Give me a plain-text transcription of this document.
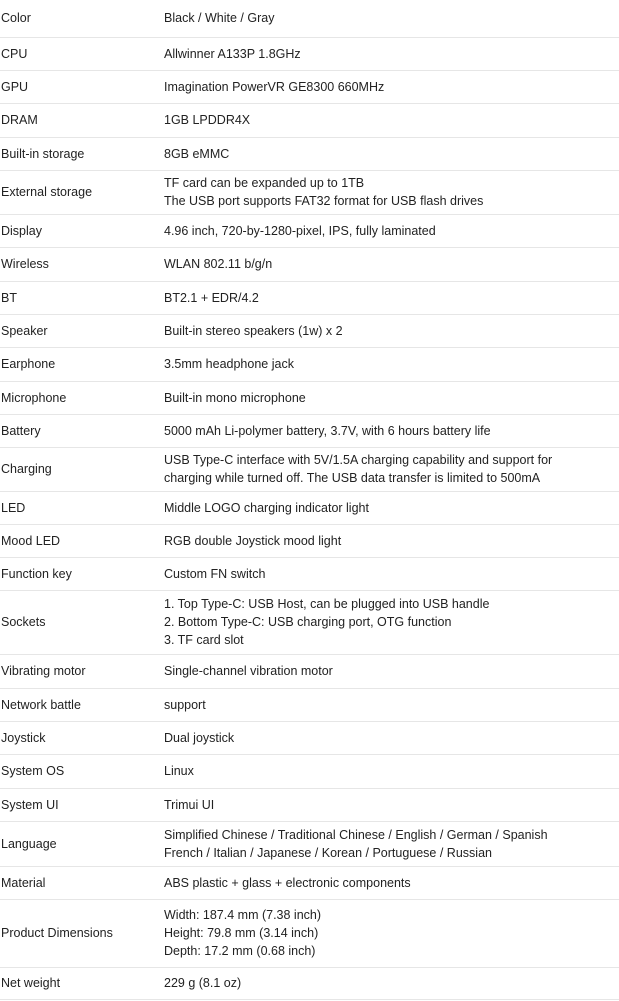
Color	Black / White / Gray

CPU	Allwinner A133P 1.8GHz

GPU	Imagination PowerVR GE8300 660MHz

DRAM	1GB LPDDR4X

Built-in storage	8GB eMMC

External storage	TF card can be expanded up to 1TB
The USB port supports FAT32 format for USB flash drives

Display	4.96 inch, 720-by-1280-pixel, IPS, fully laminated

Wireless	WLAN 802.11 b/g/n

BT	BT2.1 + EDR/4.2

Speaker	Built-in stereo speakers (1w) x 2

Earphone	3.5mm headphone jack

Microphone	Built-in mono microphone

Battery	5000 mAh Li-polymer battery, 3.7V, with 6 hours battery life

Charging	USB Type-C interface with 5V/1.5A charging capability and support for
charging while turned off. The USB data transfer is limited to 500mA

LED	Middle LOGO charging indicator light

Mood LED	RGB double Joystick mood light

Function key	Custom FN switch

Sockets	1. Top Type-C: USB Host, can be plugged into USB handle
2. Bottom Type-C: USB charging port, OTG function
3. TF card slot

Vibrating motor	Single-channel vibration motor

Network battle	support

Joystick	Dual joystick

System OS	Linux

System UI	Trimui UI

Language	Simplified Chinese / Traditional Chinese / English / German / Spanish
French / Italian / Japanese / Korean / Portuguese / Russian

Material	ABS plastic + glass + electronic components

Product Dimensions	Width: 187.4 mm (7.38 inch)
Height: 79.8 mm (3.14 inch)
Depth: 17.2 mm (0.68 inch)

Net weight	229 g (8.1 oz)
